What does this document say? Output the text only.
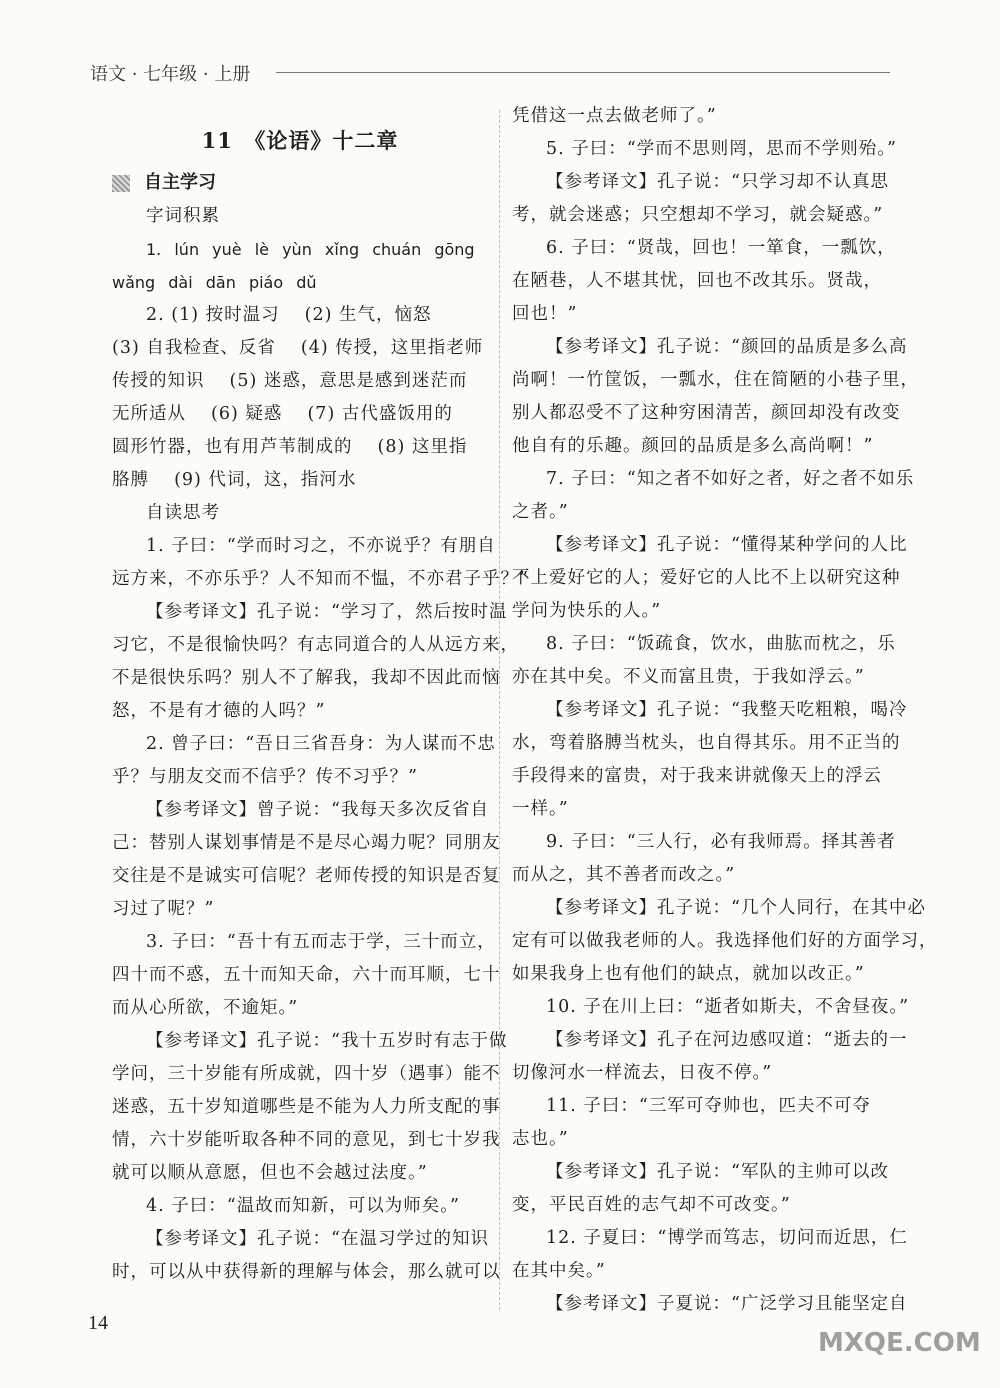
语文 · 七年级 · 上册
11　《论语》十二章
自主学习
字词积累
1. lún yuè lè yùn xǐng chuán gōng
wǎng dài dān piáo dǔ
2. (1) 按时温习　 (2) 生气，恼怒
(3) 自我检查、反省　 (4) 传授，这里指老师
传授的知识　 (5) 迷惑，意思是感到迷茫而
无所适从　 (6) 疑惑　 (7) 古代盛饭用的
圆形竹器，也有用芦苇制成的　 (8) 这里指
胳膊　 (9) 代词，这，指河水
自读思考
1. 子曰：“学而时习之，不亦说乎？有朋自
远方来，不亦乐乎？人不知而不愠，不亦君子乎？”
【参考译文】孔子说：“学习了，然后按时温
习它，不是很愉快吗？有志同道合的人从远方来，
不是很快乐吗？别人不了解我，我却不因此而恼
怒，不是有才德的人吗？”
2. 曾子曰：“吾日三省吾身：为人谋而不忠
乎？与朋友交而不信乎？传不习乎？”
【参考译文】曾子说：“我每天多次反省自
己：替别人谋划事情是不是尽心竭力呢？同朋友
交往是不是诚实可信呢？老师传授的知识是否复
习过了呢？”
3. 子曰：“吾十有五而志于学，三十而立，
四十而不惑，五十而知天命，六十而耳顺，七十
而从心所欲，不逾矩。”
【参考译文】孔子说：“我十五岁时有志于做
学问，三十岁能有所成就，四十岁（遇事）能不
迷惑，五十岁知道哪些是不能为人力所支配的事
情，六十岁能听取各种不同的意见，到七十岁我
就可以顺从意愿，但也不会越过法度。”
4. 子曰：“温故而知新，可以为师矣。”
【参考译文】孔子说：“在温习学过的知识
时，可以从中获得新的理解与体会，那么就可以
凭借这一点去做老师了。”
5. 子曰：“学而不思则罔，思而不学则殆。”
【参考译文】孔子说：“只学习却不认真思
考，就会迷惑；只空想却不学习，就会疑惑。”
6. 子曰：“贤哉，回也！一箪食，一瓢饮，
在陋巷，人不堪其忧，回也不改其乐。贤哉，
回也！”
【参考译文】孔子说：“颜回的品质是多么高
尚啊！一竹筐饭，一瓢水，住在简陋的小巷子里，
别人都忍受不了这种穷困清苦，颜回却没有改变
他自有的乐趣。颜回的品质是多么高尚啊！”
7. 子曰：“知之者不如好之者，好之者不如乐
之者。”
【参考译文】孔子说：“懂得某种学问的人比
不上爱好它的人；爱好它的人比不上以研究这种
学问为快乐的人。”
8. 子曰：“饭疏食，饮水，曲肱而枕之，乐
亦在其中矣。不义而富且贵，于我如浮云。”
【参考译文】孔子说：“我整天吃粗粮，喝冷
水，弯着胳膊当枕头，也自得其乐。用不正当的
手段得来的富贵，对于我来讲就像天上的浮云
一样。”
9. 子曰：“三人行，必有我师焉。择其善者
而从之，其不善者而改之。”
【参考译文】孔子说：“几个人同行，在其中必
定有可以做我老师的人。我选择他们好的方面学习，
如果我身上也有他们的缺点，就加以改正。”
10. 子在川上曰：“逝者如斯夫，不舍昼夜。”
【参考译文】孔子在河边感叹道：“逝去的一
切像河水一样流去，日夜不停。”
11. 子曰：“三军可夺帅也，匹夫不可夺
志也。”
【参考译文】孔子说：“军队的主帅可以改
变，平民百姓的志气却不可改变。”
12. 子夏曰：“博学而笃志，切问而近思，仁
在其中矣。”
【参考译文】子夏说：“广泛学习且能坚定自
14
MXQE.COM
